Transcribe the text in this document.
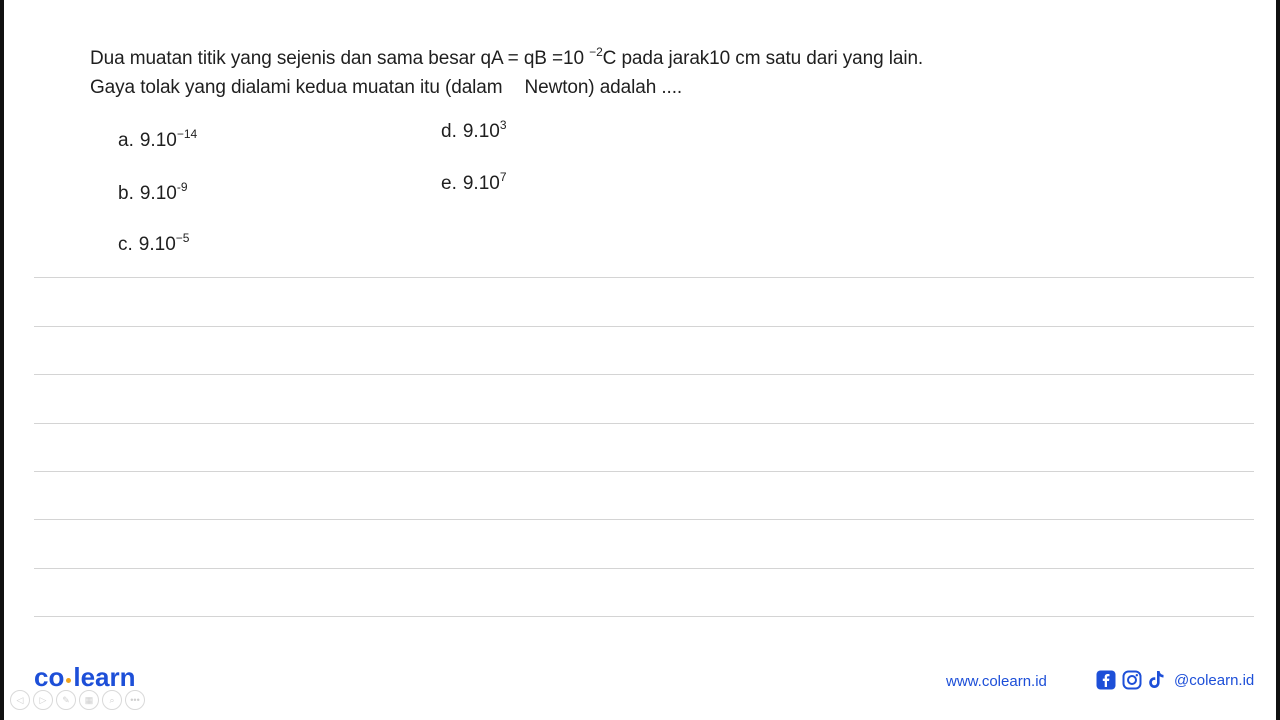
Dua muatan titik yang sejenis dan sama besar qA = qB =10 $^{-2}$C pada jarak10 cm satu dari yang lain.
Gaya tolak yang dialami kedua muatan itu (dalam Newton) adalah ....
a. $9.10^{-14}$
b. $9.10^{-9}$
c. $9.10^{-5}$
d. 9.10$^3$
e. 9.10$^7$
co learn
◁	▷	✎	▦	⌕	•••
www.colearn.id	@colearn.id
